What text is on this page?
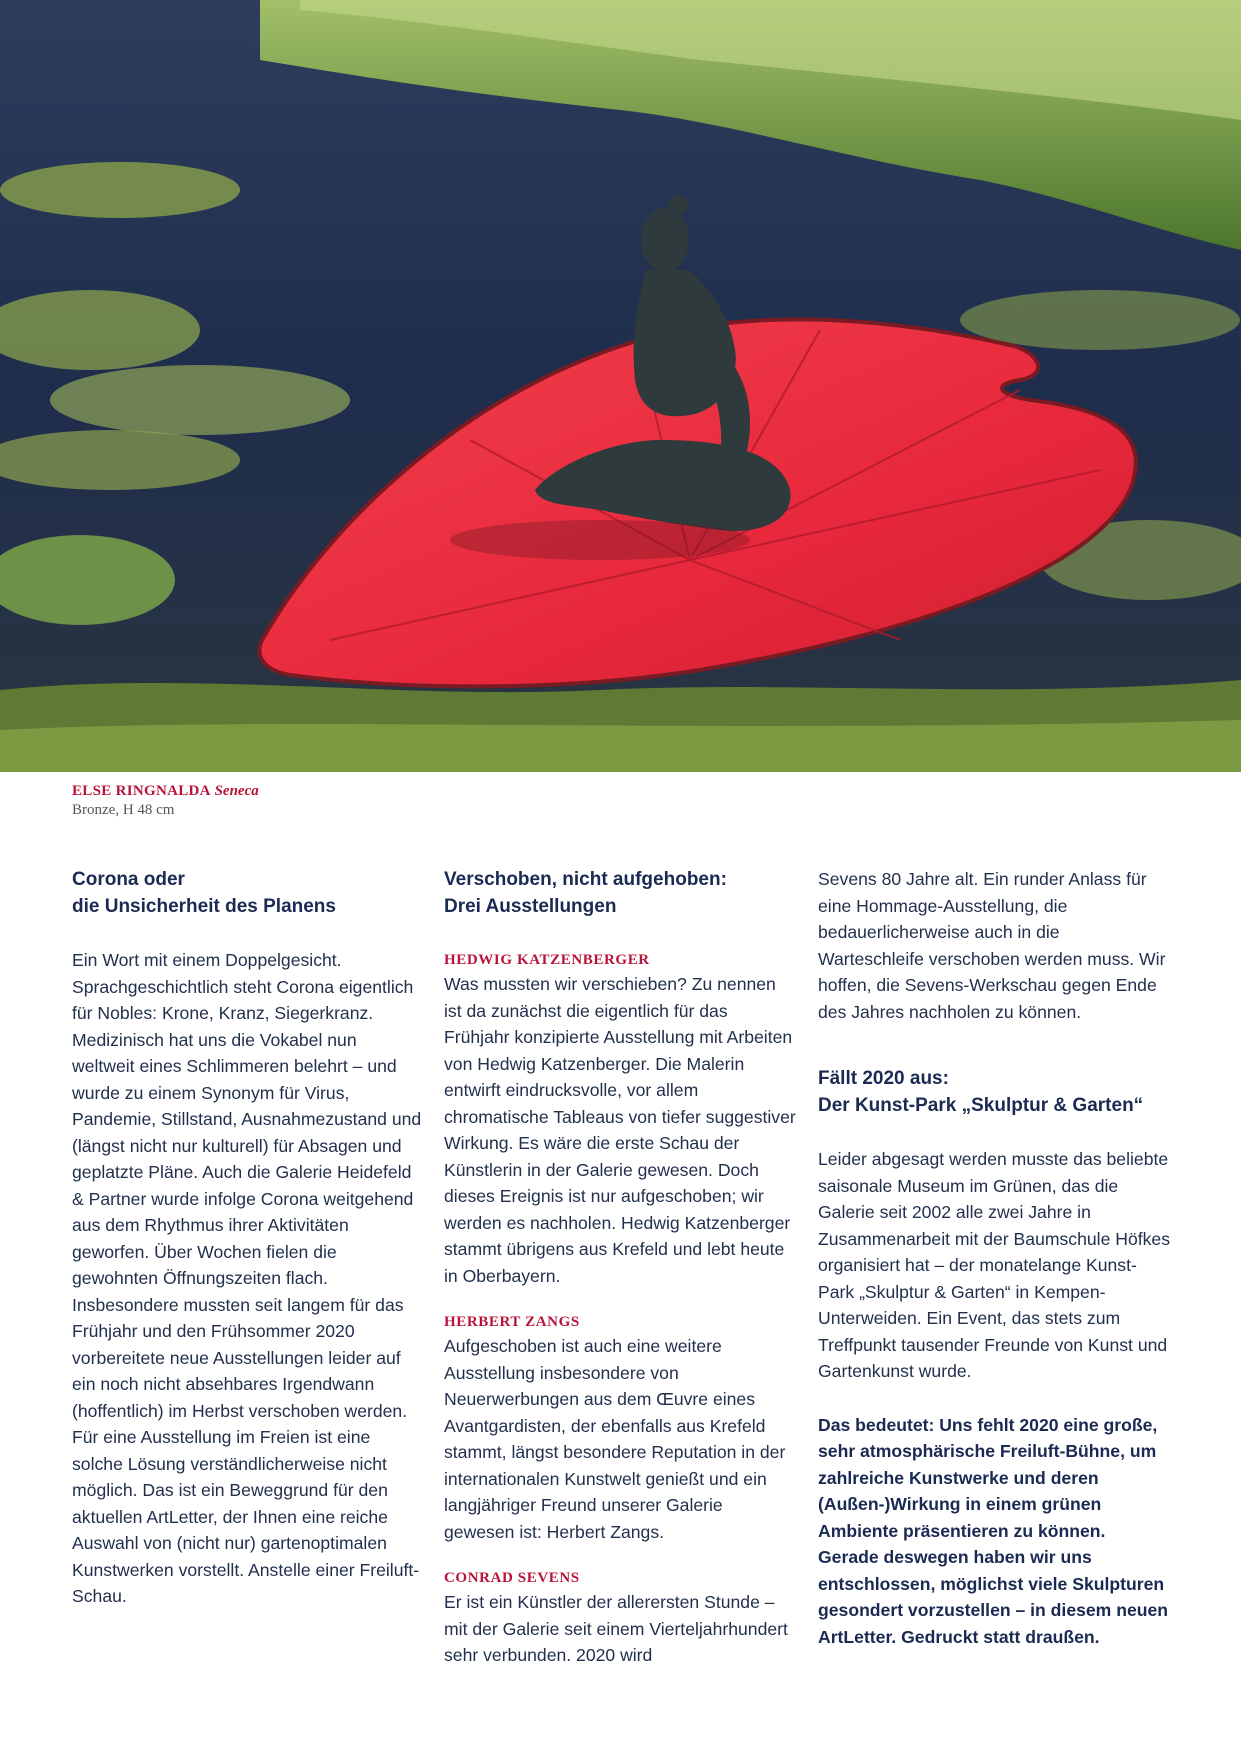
ELSE RINGNALDA Seneca
Bronze, H 48 cm
Corona oder
die Unsicherheit des Planens

Ein Wort mit einem Doppelgesicht. Sprachgeschichtlich steht Corona eigentlich für Nobles: Krone, Kranz, Siegerkranz. Medizinisch hat uns die Vokabel nun weltweit eines Schlimmeren belehrt – und wurde zu einem Synonym für Virus, Pandemie, Stillstand, Ausnahmezustand und (längst nicht nur kulturell) für Absagen und geplatzte Pläne. Auch die Galerie Heidefeld & Partner wurde infolge Corona weitgehend aus dem Rhythmus ihrer Aktivitäten geworfen. Über Wochen fielen die gewohnten Öffnungszeiten flach. Insbesondere mussten seit langem für das Frühjahr und den Frühsommer 2020 vorbereitete neue Ausstellungen leider auf ein noch nicht absehbares Irgendwann (hoffentlich) im Herbst verschoben werden. Für eine Ausstellung im Freien ist eine solche Lösung verständlicherweise nicht möglich. Das ist ein Beweggrund für den aktuellen ArtLetter, der Ihnen eine reiche Auswahl von (nicht nur) gartenoptimalen Kunstwerken vorstellt. Anstelle einer Freiluft-Schau.

Verschoben, nicht aufgehoben:
Drei Ausstellungen
HEDWIG KATZENBERGER

Was mussten wir verschieben? Zu nennen ist da zunächst die eigentlich für das Frühjahr konzipierte Ausstellung mit Arbeiten von Hedwig Katzenberger. Die Malerin entwirft eindrucksvolle, vor allem chromatische Tableaus von tiefer suggestiver Wirkung. Es wäre die erste Schau der Künstlerin in der Galerie gewesen. Doch dieses Ereignis ist nur aufgeschoben; wir werden es nachholen. Hedwig Katzenberger stammt übrigens aus Krefeld und lebt heute in Oberbayern.

HERBERT ZANGS

Aufgeschoben ist auch eine weitere Ausstellung insbesondere von Neuerwerbungen aus dem Œuvre eines Avantgardisten, der ebenfalls aus Krefeld stammt, längst besondere Reputation in der internationalen Kunstwelt genießt und ein langjähriger Freund unserer Galerie gewesen ist: Herbert Zangs.

CONRAD SEVENS

Er ist ein Künstler der allerersten Stunde – mit der Galerie seit einem Vierteljahrhundert sehr verbunden. 2020 wird

Sevens 80 Jahre alt. Ein runder Anlass für eine Hommage-Ausstellung, die bedauerlicherweise auch in die Warteschleife verschoben werden muss. Wir hoffen, die Sevens-Werkschau gegen Ende des Jahres nachholen zu können.

Fällt 2020 aus:
Der Kunst-Park „Skulptur & Garten“

Leider abgesagt werden musste das beliebte saisonale Museum im Grünen, das die Galerie seit 2002 alle zwei Jahre in Zusammenarbeit mit der Baumschule Höfkes organisiert hat – der monatelange Kunst-Park „Skulptur & Garten“ in Kempen-Unterweiden. Ein Event, das stets zum Treffpunkt tausender Freunde von Kunst und Gartenkunst wurde.

Das bedeutet: Uns fehlt 2020 eine große, sehr atmosphärische Freiluft-Bühne, um zahlreiche Kunstwerke und deren (Außen-)Wirkung in einem grünen Ambiente präsentieren zu können. Gerade deswegen haben wir uns entschlossen, möglichst viele Skulpturen gesondert vorzustellen – in diesem neuen ArtLetter. Gedruckt statt draußen.
